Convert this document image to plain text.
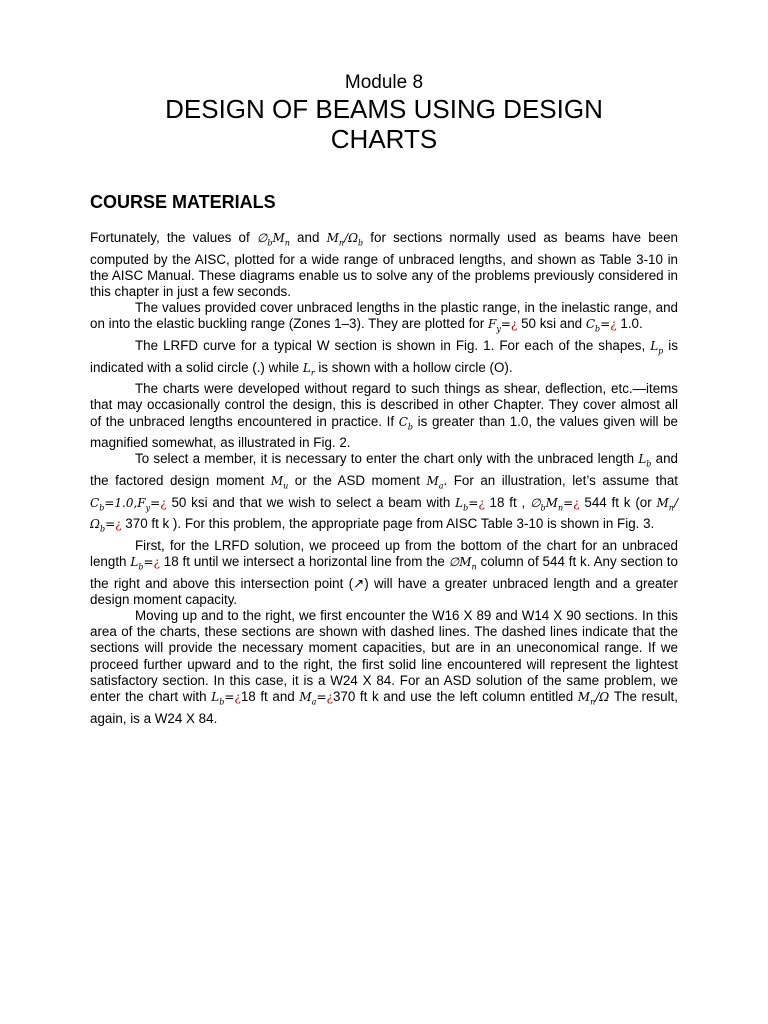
Module 8
DESIGN OF BEAMS USING DESIGN
CHARTS
COURSE MATERIALS

Fortunately, the values of $\emptyset_bM_n$ and $M_n/\Omega_b$ for sections normally used as beams have been computed by the AISC, plotted for a wide range of unbraced lengths, and shown as Table 3-10 in the AISC Manual. These diagrams enable us to solve any of the problems previously considered in this chapter in just a few seconds.

The values provided cover unbraced lengths in the plastic range, in the inelastic range, and on into the elastic buckling range (Zones 1–3). They are plotted for $F_y=¿$ 50 ksi and $C_b=¿$ 1.0.

The LRFD curve for a typical W section is shown in Fig. 1. For each of the shapes, $L_p$ is indicated with a solid circle (.) while $L_r$ is shown with a hollow circle (O).

The charts were developed without regard to such things as shear, deflection, etc.—items that may occasionally control the design, this is described in other Chapter. They cover almost all of the unbraced lengths encountered in practice. If $C_b$ is greater than 1.0, the values given will be magnified somewhat, as illustrated in Fig. 2.

To select a member, it is necessary to enter the chart only with the unbraced length $L_b$ and the factored design moment $M_u$ or the ASD moment $M_a$. For an illustration, let’s assume that $C_b=1.0,F_y=¿$ 50 ksi and that we wish to select a beam with $L_b=¿$ 18 ft , $\emptyset_bM_n=¿$ 544 ft k (or $M_n/\Omega_b=¿$ 370 ft k ). For this problem, the appropriate page from AISC Table 3-10 is shown in Fig. 3.

First, for the LRFD solution, we proceed up from the bottom of the chart for an unbraced length $L_b=¿$ 18 ft until we intersect a horizontal line from the $\emptyset M_n$ column of 544 ft k. Any section to the right and above this intersection point (↗) will have a greater unbraced length and a greater design moment capacity.

Moving up and to the right, we first encounter the W16 X 89 and W14 X 90 sections. In this area of the charts, these sections are shown with dashed lines. The dashed lines indicate that the sections will provide the necessary moment capacities, but are in an uneconomical range. If we proceed further upward and to the right, the first solid line encountered will represent the lightest satisfactory section. In this case, it is a W24 X 84. For an ASD solution of the same problem, we enter the chart with $L_b=¿18$ ft and $M_a=¿370$ ft k and use the left column entitled $M_n/\Omega$ The result, again, is a W24 X 84.
